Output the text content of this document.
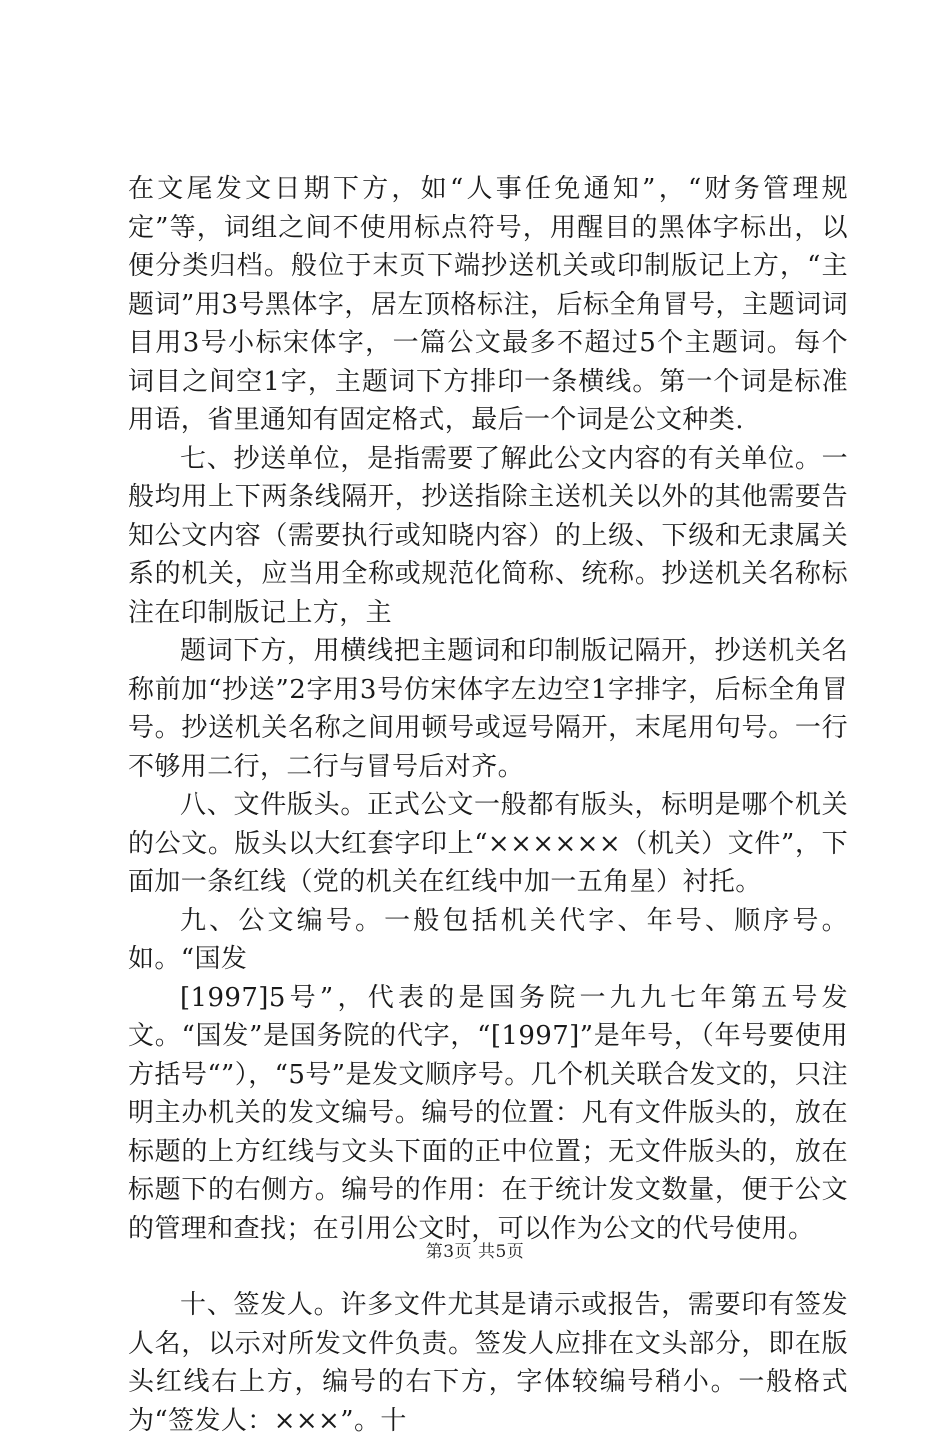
在文尾发文日期下方，如“人事任免通知”，“财务管理规定”等，词组之间不使用标点符号，用醒目的黑体字标出，以便分类归档。般位于末页下端抄送机关或印制版记上方，“主题词”用3号黑体字，居左顶格标注，后标全角冒号，主题词词目用3号小标宋体字，一篇公文最多不超过5个主题词。每个词目之间空1字，主题词下方排印一条横线。第一个词是标准用语，省里通知有固定格式，最后一个词是公文种类.

七、抄送单位，是指需要了解此公文内容的有关单位。一般均用上下两条线隔开，抄送指除主送机关以外的其他需要告知公文内容（需要执行或知晓内容）的上级、下级和无隶属关系的机关，应当用全称或规范化简称、统称。抄送机关名称标注在印制版记上方，主

题词下方，用横线把主题词和印制版记隔开，抄送机关名称前加“抄送”2字用3号仿宋体字左边空1字排字，后标全角冒号。抄送机关名称之间用顿号或逗号隔开，末尾用句号。一行不够用二行，二行与冒号后对齐。

八、文件版头。正式公文一般都有版头，标明是哪个机关的公文。版头以大红套字印上“××××××（机关）文件”，下面加一条红线（党的机关在红线中加一五角星）衬托。

九、公文编号。一般包括机关代字、年号、顺序号。如。“国发

[1997]5号”，代表的是国务院一九九七年第五号发文。“国发”是国务院的代字，“[1997]”是年号，（年号要使用方括号“”），“5号”是发文顺序号。几个机关联合发文的，只注明主办机关的发文编号。编号的位置：凡有文件版头的，放在标题的上方红线与文头下面的正中位置；无文件版头的，放在标题下的右侧方。编号的作用：在于统计发文数量，便于公文的管理和查找；在引用公文时，可以作为公文的代号使用。

十、签发人。许多文件尤其是请示或报告，需要印有签发人名，以示对所发文件负责。签发人应排在文头部分，即在版头红线右上方，编号的右下方，字体较编号稍小。一般格式为“签发人：×××”。十

第3页 共5页
